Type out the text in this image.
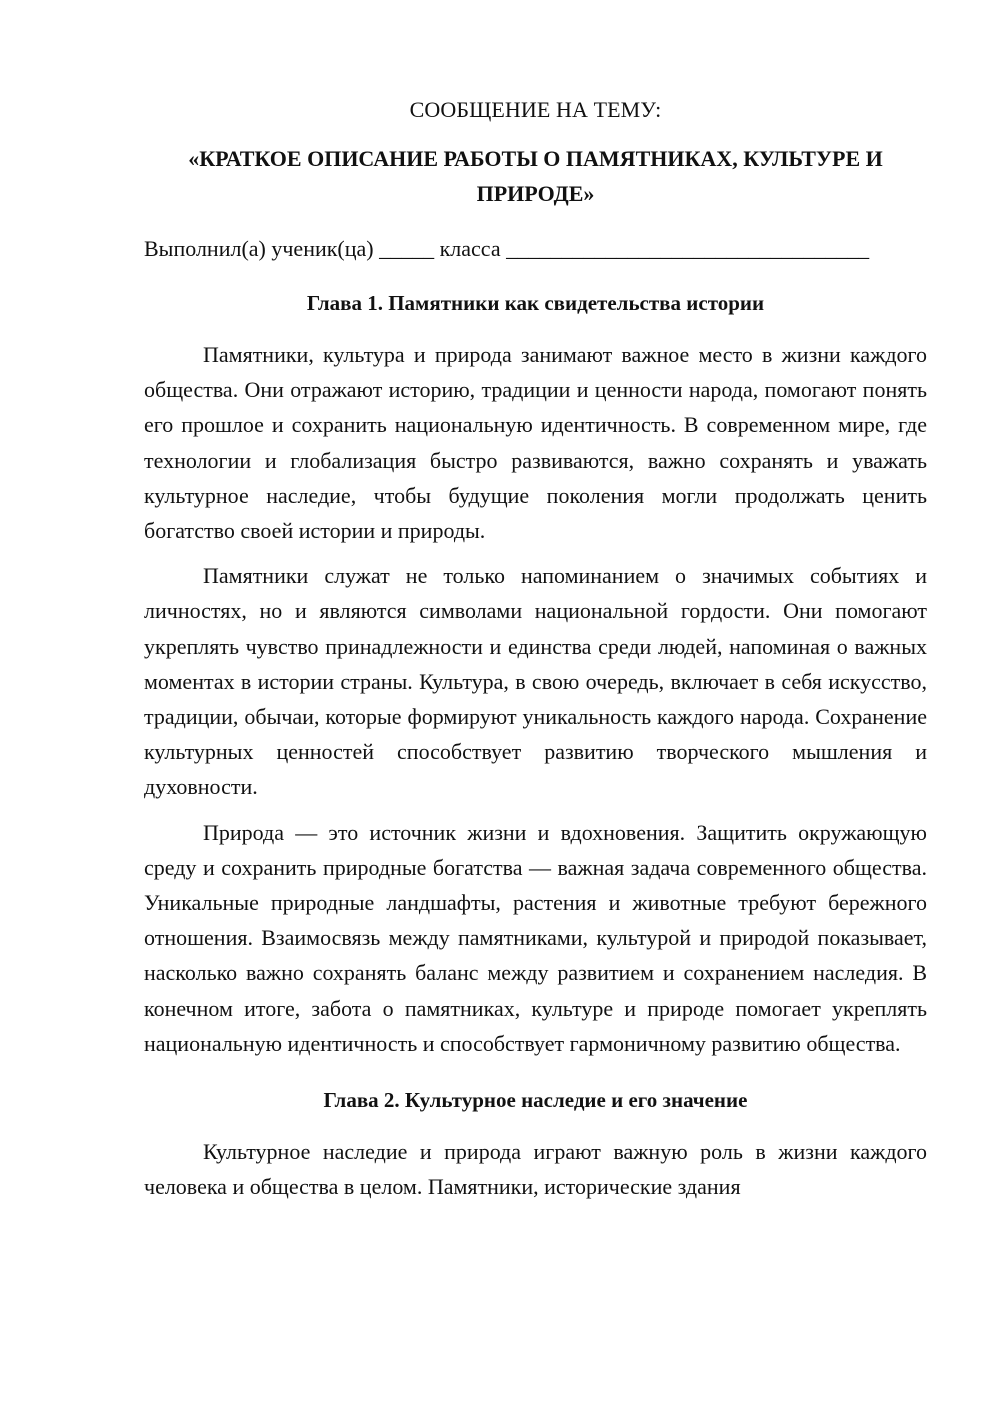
СООБЩЕНИЕ НА ТЕМУ:

«КРАТКОЕ ОПИСАНИЕ РАБОТЫ О ПАМЯТНИКАХ, КУЛЬТУРЕ И
ПРИРОДЕ»

Выполнил(а) ученик(ца) _____ класса _________________________________

Глава 1. Памятники как свидетельства истории

Памятники, культура и природа занимают важное место в жизни каждого общества. Они отражают историю, традиции и ценности народа, помогают понять его прошлое и сохранить национальную идентичность. В современном мире, где технологии и глобализация быстро развиваются, важно сохранять и уважать культурное наследие, чтобы будущие поколения могли продолжать ценить богатство своей истории и природы.

Памятники служат не только напоминанием о значимых событиях и личностях, но и являются символами национальной гордости. Они помогают укреплять чувство принадлежности и единства среди людей, напоминая о важных моментах в истории страны. Культура, в свою очередь, включает в себя искусство, традиции, обычаи, которые формируют уникальность каждого народа. Сохранение культурных ценностей способствует развитию творческого мышления и духовности.

Природа — это источник жизни и вдохновения. Защитить окружающую среду и сохранить природные богатства — важная задача современного общества. Уникальные природные ландшафты, растения и животные требуют бережного отношения. Взаимосвязь между памятниками, культурой и природой показывает, насколько важно сохранять баланс между развитием и сохранением наследия. В конечном итоге, забота о памятниках, культуре и природе помогает укреплять национальную идентичность и способствует гармоничному развитию общества.

Глава 2. Культурное наследие и его значение

Культурное наследие и природа играют важную роль в жизни каждого человека и общества в целом. Памятники, исторические здания
